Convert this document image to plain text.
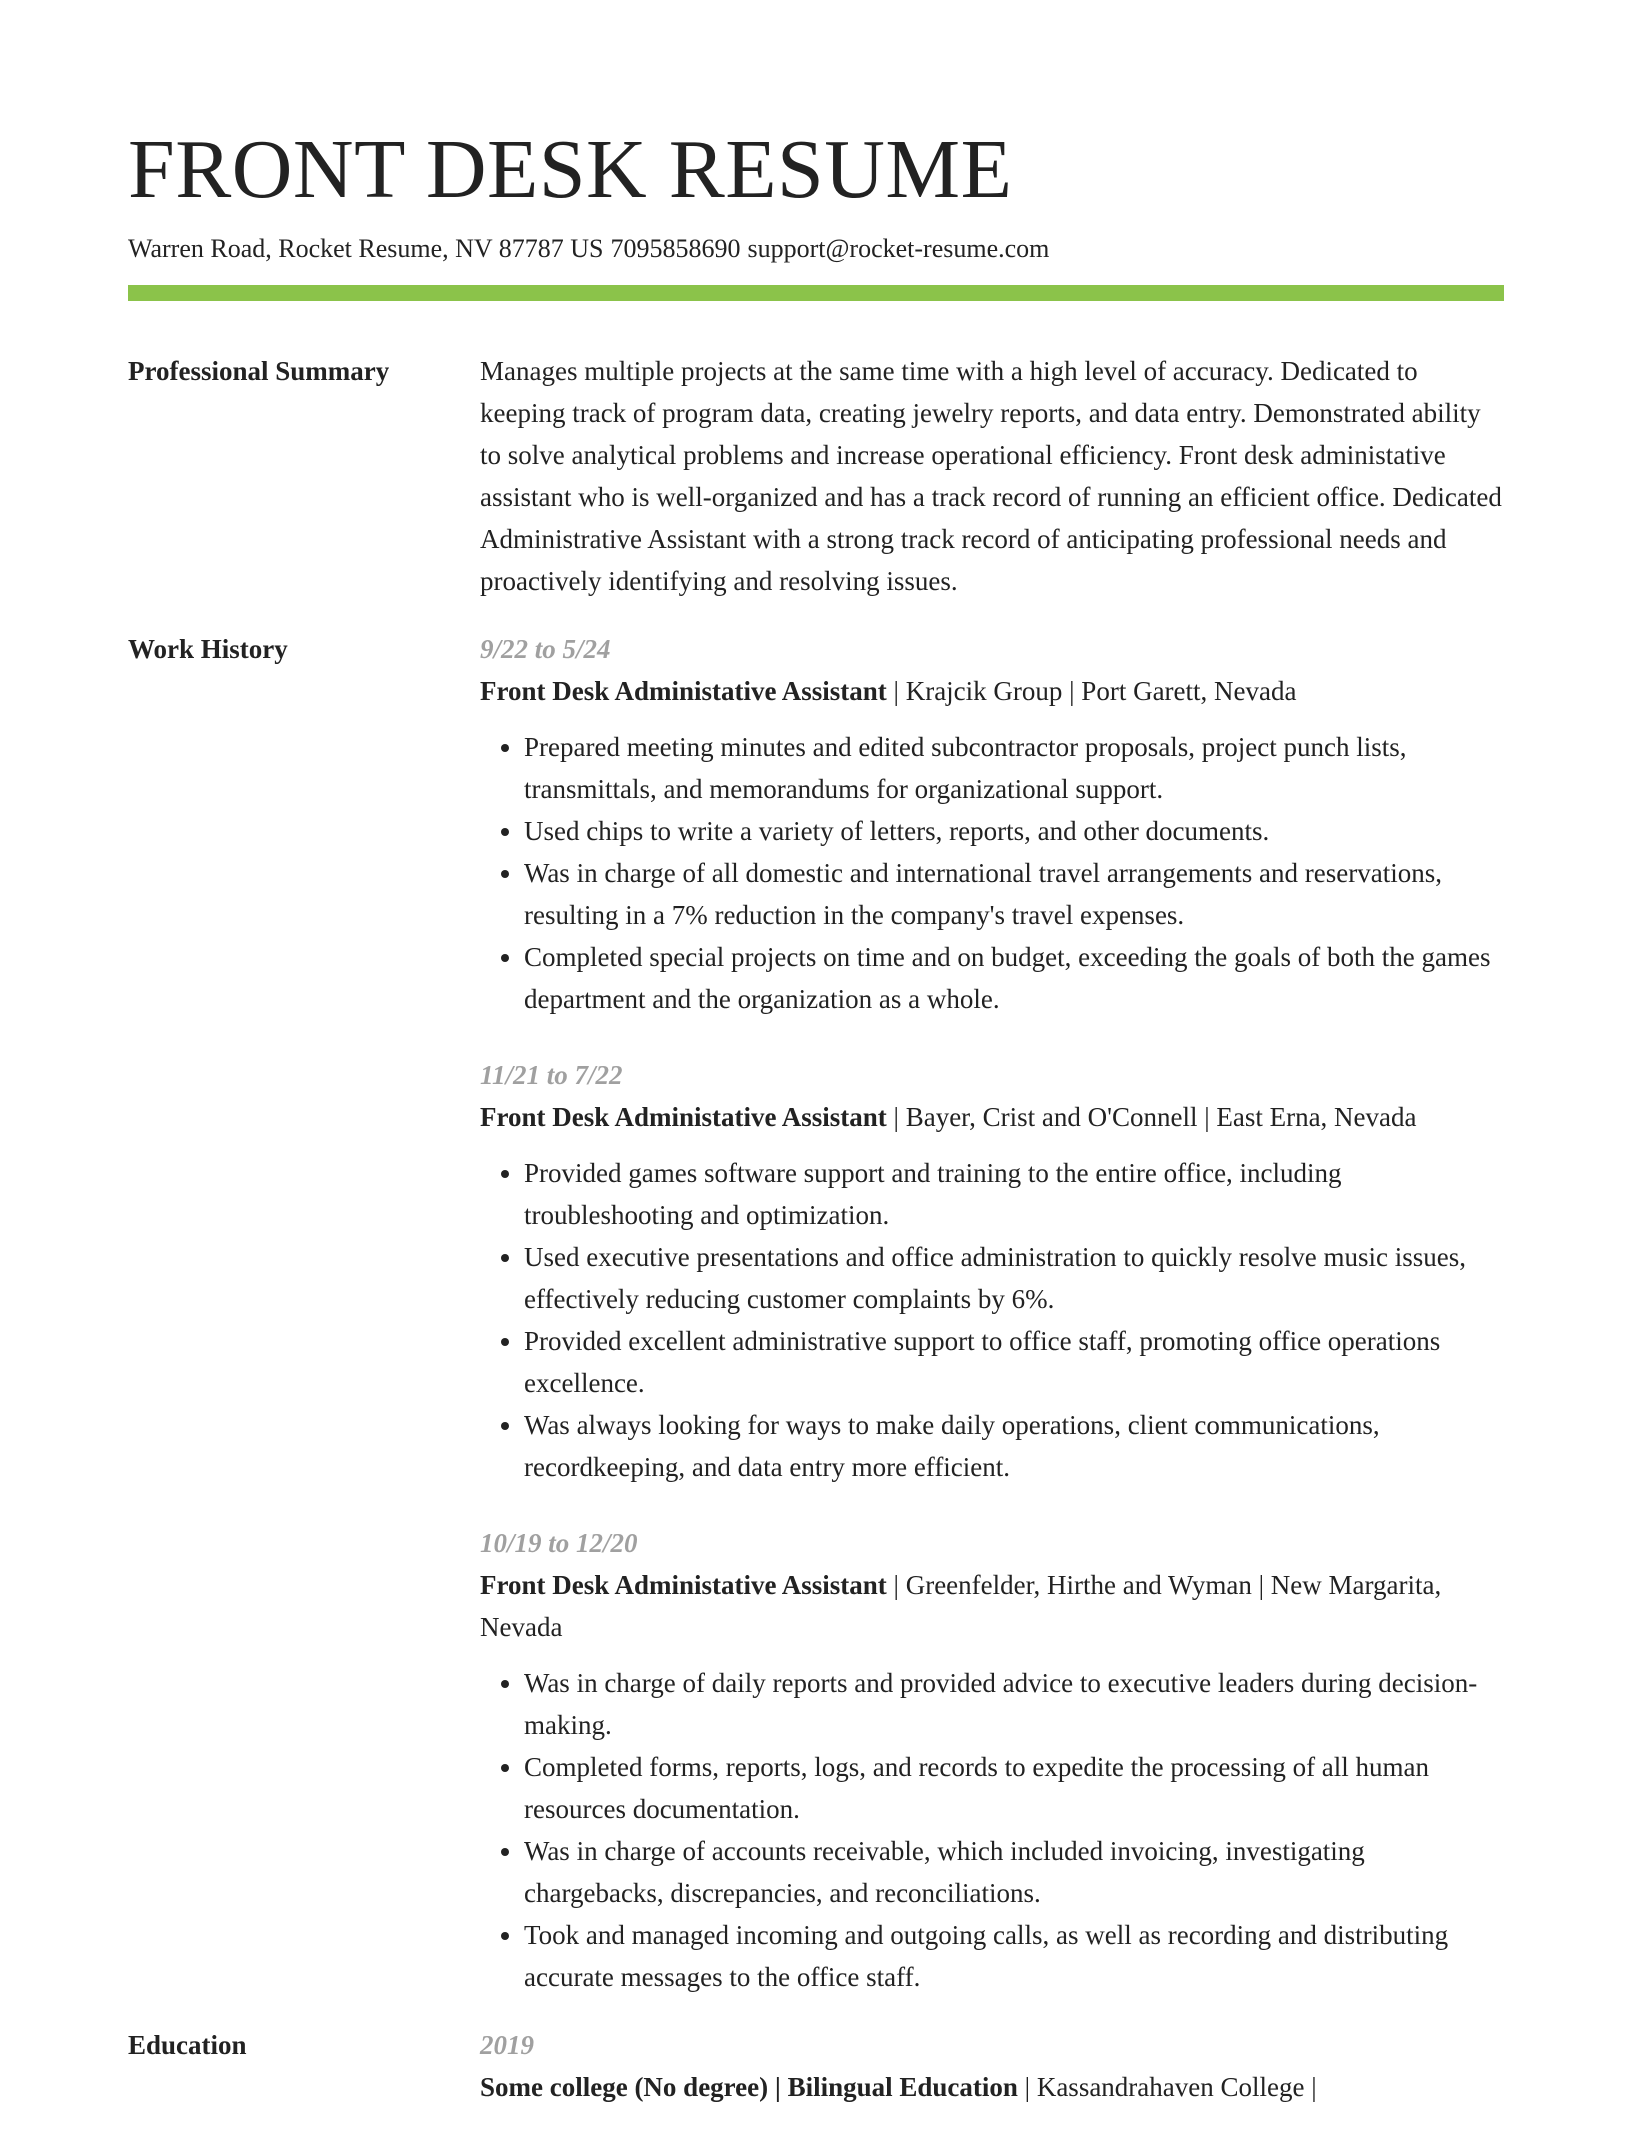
FRONT DESK RESUME
Warren Road, Rocket Resume, NV 87787 US 7095858690 support@rocket-resume.com
Professional Summary	Manages multiple projects at the same time with a high level of accuracy. Dedicated to keeping track of program data, creating jewelry reports, and data entry. Demonstrated ability to solve analytical problems and increase operational efficiency. Front desk administative assistant who is well-organized and has a track record of running an efficient office. Dedicated Administrative Assistant with a strong track record of anticipating professional needs and proactively identifying and resolving issues.

Work History	9/22 to 5/24
Front Desk Administative Assistant | Krajcik Group | Port Garett, Nevada
• Prepared meeting minutes and edited subcontractor proposals, project punch lists, transmittals, and memorandums for organizational support.
• Used chips to write a variety of letters, reports, and other documents.
• Was in charge of all domestic and international travel arrangements and reservations, resulting in a 7% reduction in the company's travel expenses.
• Completed special projects on time and on budget, exceeding the goals of both the games department and the organization as a whole.
11/21 to 7/22
Front Desk Administative Assistant | Bayer, Crist and O'Connell | East Erna, Nevada
• Provided games software support and training to the entire office, including troubleshooting and optimization.
• Used executive presentations and office administration to quickly resolve music issues, effectively reducing customer complaints by 6%.
• Provided excellent administrative support to office staff, promoting office operations excellence.
• Was always looking for ways to make daily operations, client communications, recordkeeping, and data entry more efficient.
10/19 to 12/20
Front Desk Administative Assistant | Greenfelder, Hirthe and Wyman | New Margarita, Nevada
• Was in charge of daily reports and provided advice to executive leaders during decision-making.
• Completed forms, reports, logs, and records to expedite the processing of all human resources documentation.
• Was in charge of accounts receivable, which included invoicing, investigating chargebacks, discrepancies, and reconciliations.
• Took and managed incoming and outgoing calls, as well as recording and distributing accurate messages to the office staff.
Education	2019
Some college (No degree) | Bilingual Education | Kassandrahaven College |
